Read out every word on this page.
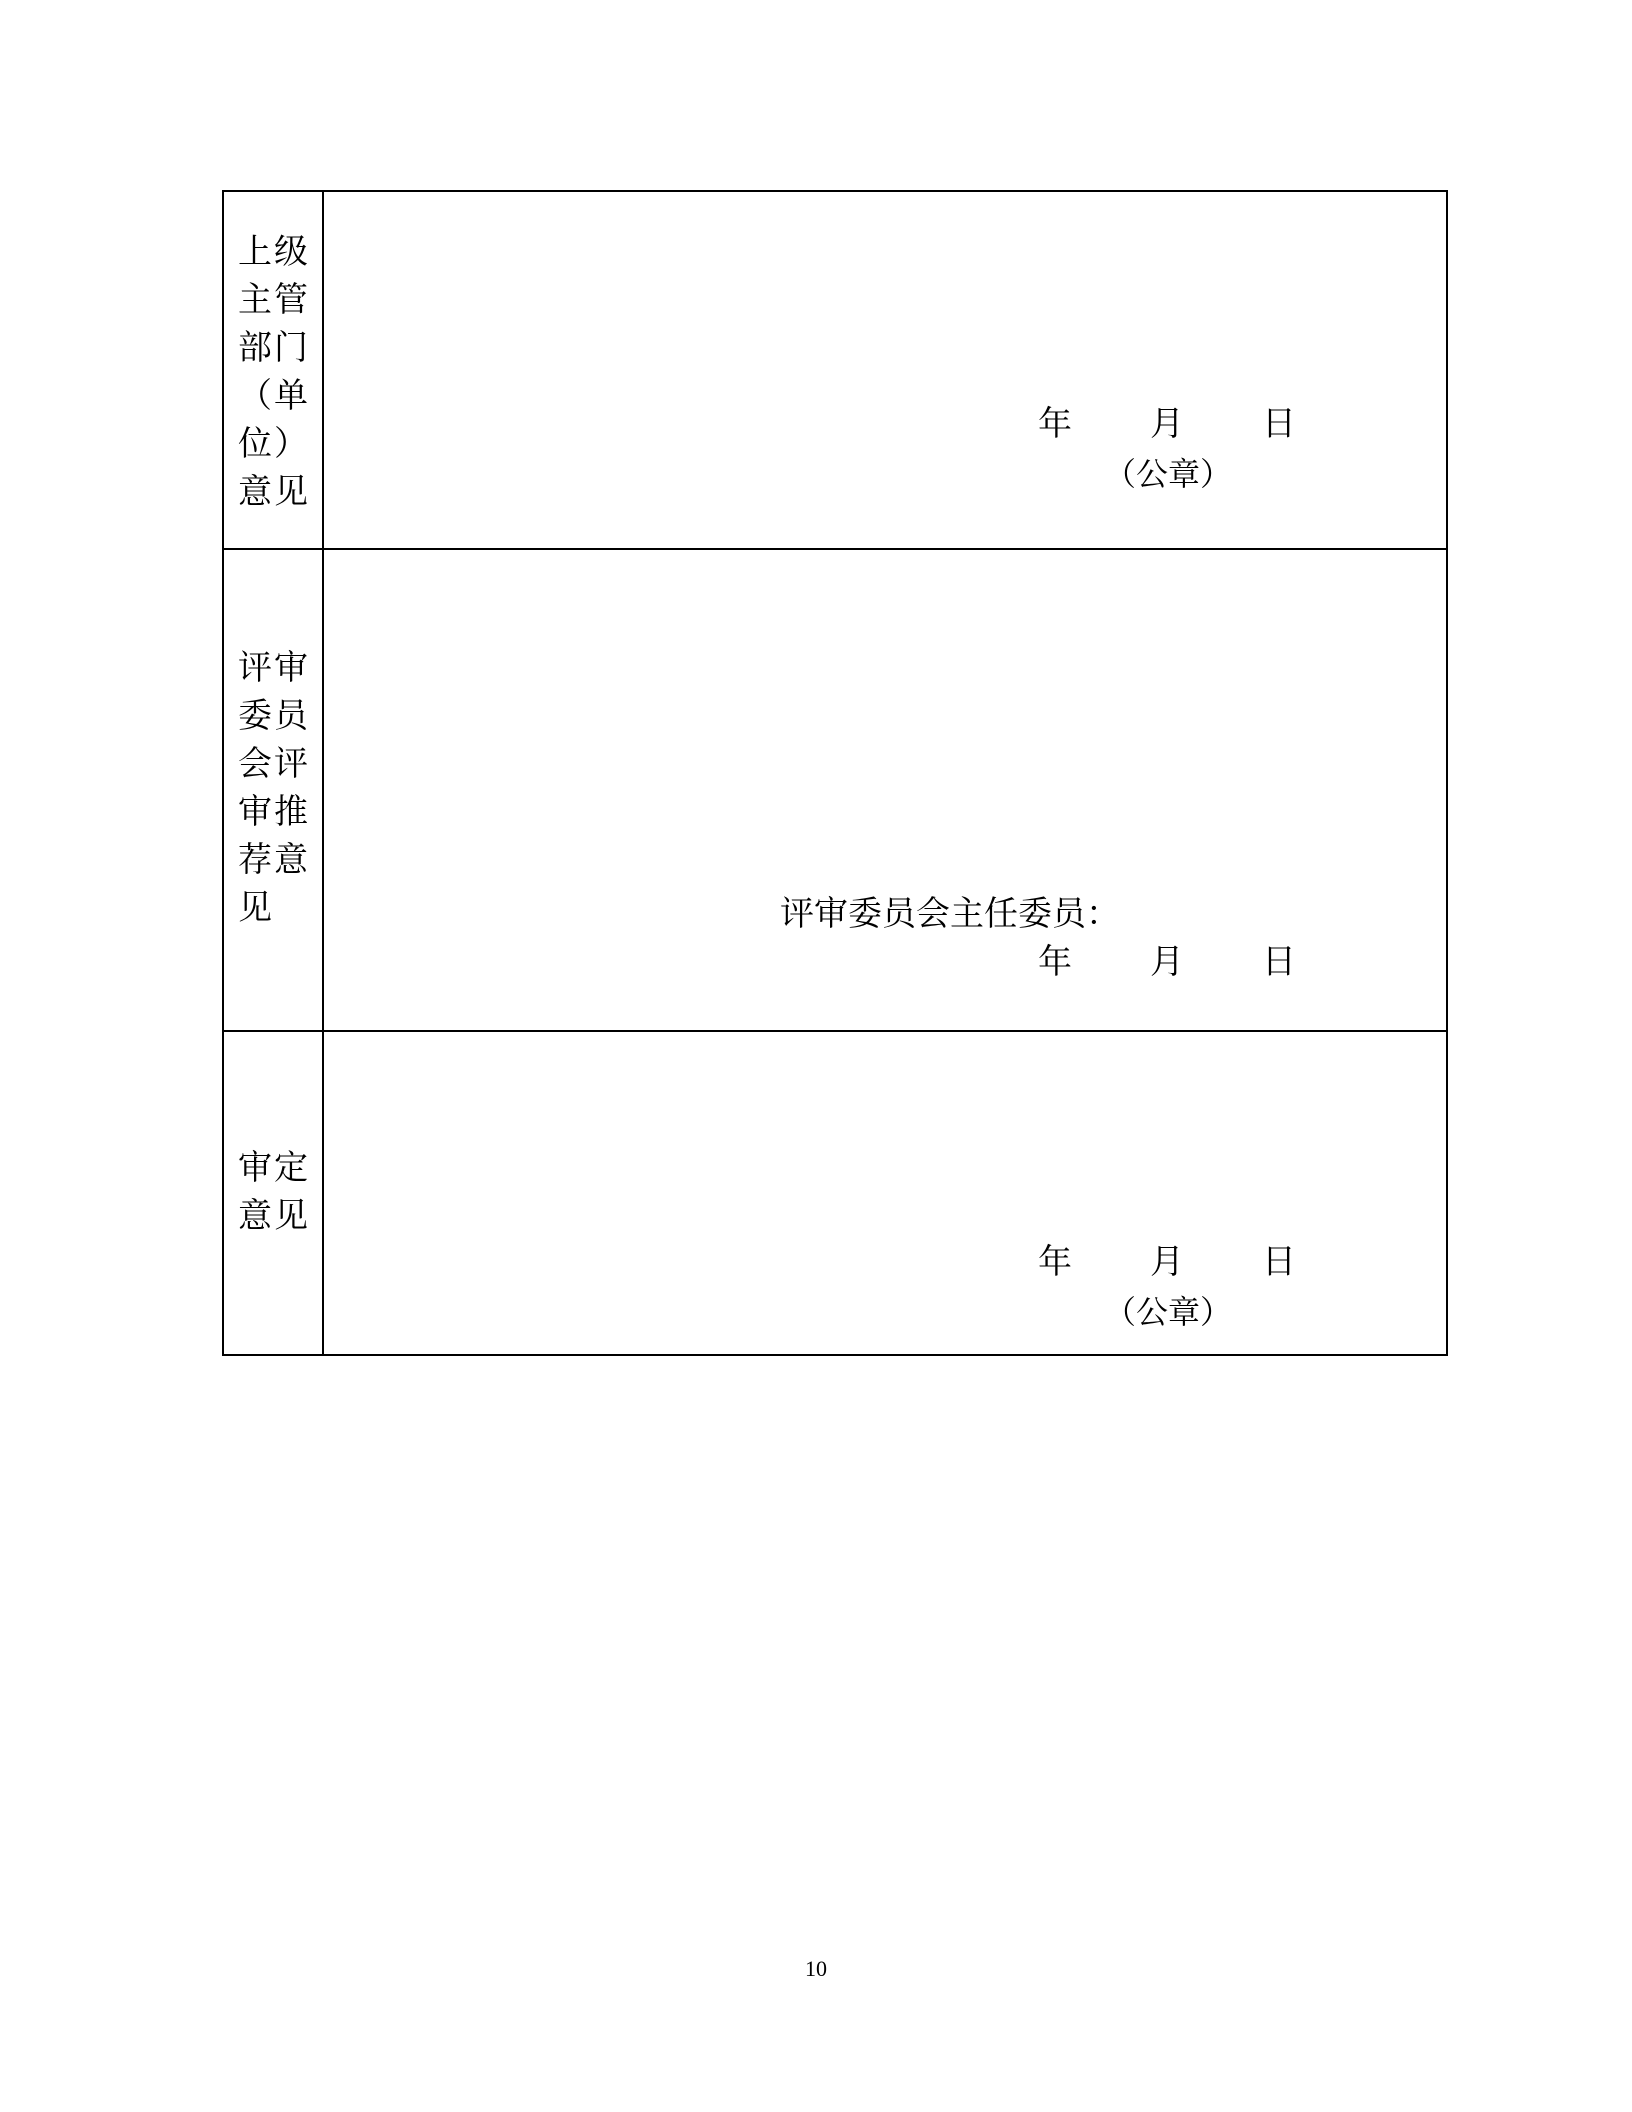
上级主管部门（单位）意见
年 月 日
（公章）
评审委员会评审推荐意见	评审委员会主任委员：
年 月 日
审定意见
年 月 日
（公章）
10
